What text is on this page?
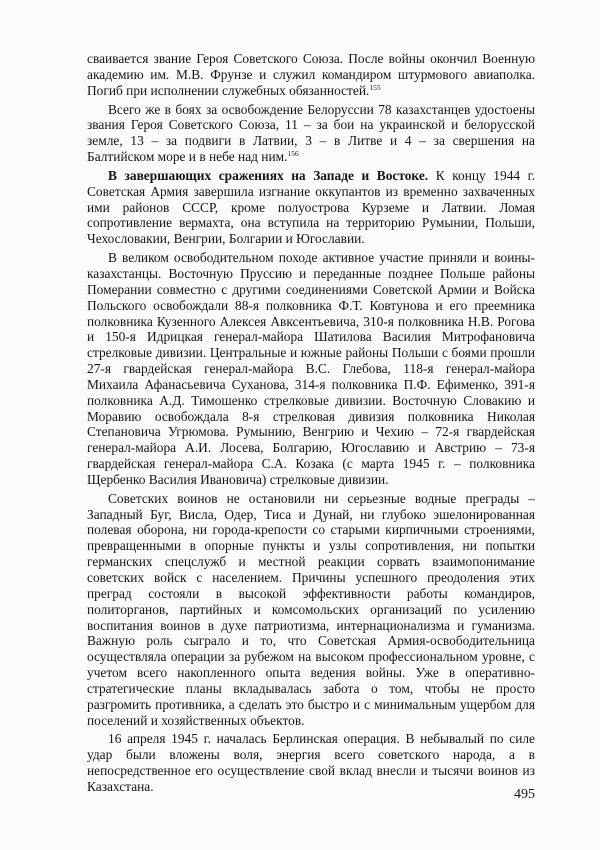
сваивается звание Героя Советского Союза. После войны окончил Военную академию им. М.В. Фрунзе и служил командиром штурмового авиаполка. Погиб при исполнении служебных обязанностей.$^{155}$

Всего же в боях за освобождение Белоруссии 78 казахстанцев удостоены звания Героя Советского Союза, 11 – за бои на украинской и белорусской земле, 13 – за подвиги в Латвии, 3 – в Литве и 4 – за свершения на Балтийском море и в небе над ним.$^{156}$

В завершающих сражениях на Западе и Востоке. К концу 1944 г. Советская Армия завершила изгнание оккупантов из временно захваченных ими районов СССР, кроме полуострова Курземе и Латвии. Ломая сопротивление вермахта, она вступила на территорию Румынии, Польши, Чехословакии, Венгрии, Болгарии и Югославии.

В великом освободительном походе активное участие приняли и воины-казахстанцы. Восточную Пруссию и переданные позднее Польше районы Померании совместно с другими соединениями Советской Армии и Войска Польского освобождали 88-я полковника Ф.Т. Ковтунова и его преемника полковника Кузенного Алексея Авксентьевича, 310-я полковника Н.В. Рогова и 150-я Идрицкая генерал-майора Шатилова Василия Митрофановича стрелковые дивизии. Центральные и южные районы Польши с боями прошли 27-я гвардейская генерал-майора В.С. Глебова, 118-я генерал-майора Михаила Афанасьевича Суханова, 314-я полковника П.Ф. Ефименко, 391-я полковника А.Д. Тимошенко стрелковые дивизии. Восточную Словакию и Моравию освобождала 8-я стрелковая дивизия полковника Николая Степановича Угрюмова. Румынию, Венгрию и Чехию – 72-я гвардейская генерал-майора А.И. Лосева, Болгарию, Югославию и Австрию – 73-я гвардейская генерал-майора С.А. Козака (с марта 1945 г. – полковника Щербенко Василия Ивановича) стрелковые дивизии.

Советских воинов не остановили ни серьезные водные преграды – Западный Буг, Висла, Одер, Тиса и Дунай, ни глубоко эшелонированная полевая оборона, ни города-крепости со старыми кирпичными строениями, превращенными в опорные пункты и узлы сопротивления, ни попытки германских спецслужб и местной реакции сорвать взаимопонимание советских войск с населением. Причины успешного преодоления этих преград состояли в высокой эффективности работы командиров, политорганов, партийных и комсомольских организаций по усилению воспитания воинов в духе патриотизма, интернационализма и гуманизма. Важную роль сыграло и то, что Советская Армия-освободительница осуществляла операции за рубежом на высоком профессиональном уровне, с учетом всего накопленного опыта ведения войны. Уже в оперативно-стратегические планы вкладывалась забота о том, чтобы не просто разгромить противника, а сделать это быстро и с минимальным ущербом для поселений и хозяйственных объектов.

16 апреля 1945 г. началась Берлинская операция. В небывалый по силе удар были вложены воля, энергия всего советского народа, а в непосредственное его осуществление свой вклад внесли и тысячи воинов из Казахстана.

495
